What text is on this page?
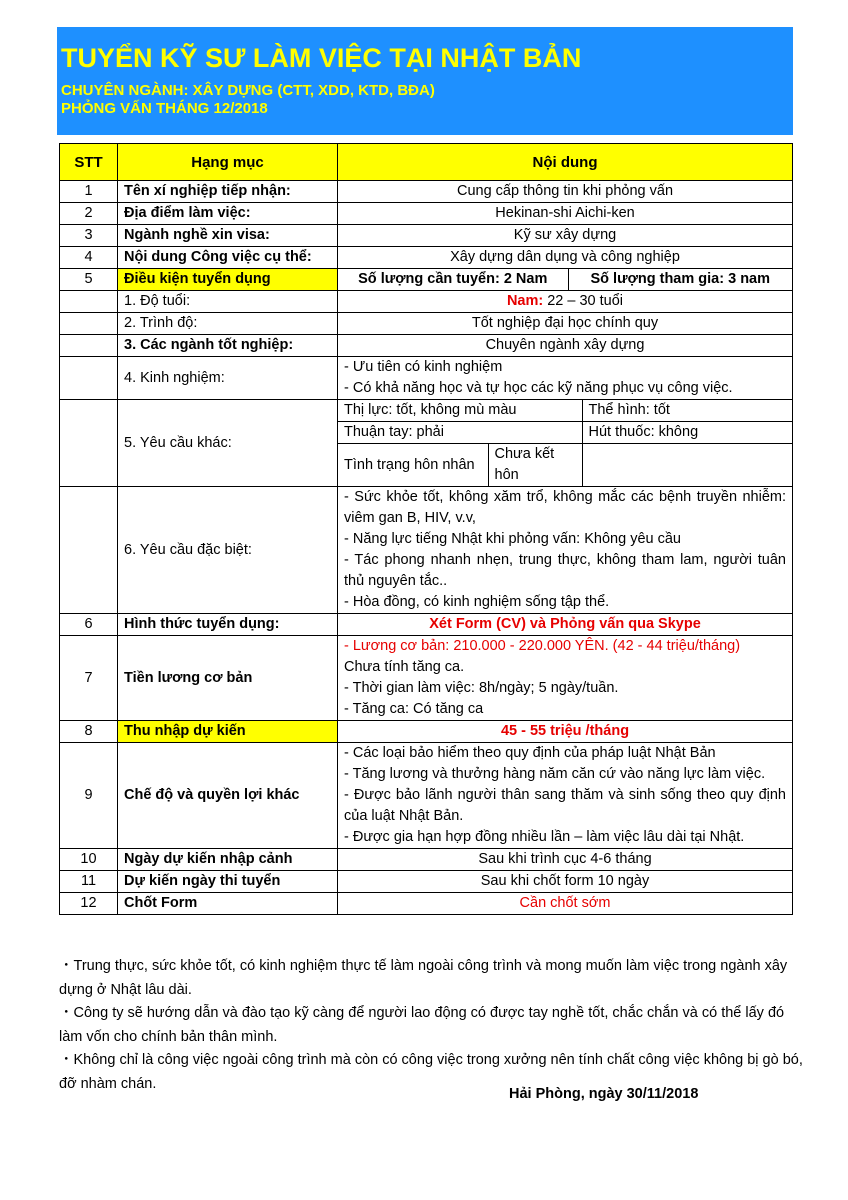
TUYỂN KỸ SƯ LÀM VIỆC TẠI NHẬT BẢN
CHUYÊN NGÀNH: XÂY DỰNG (CTT, XDD, KTD, BĐA)
PHỎNG VẤN THÁNG 12/2018
STT	Hạng mục	Nội dung
1	Tên xí nghiệp tiếp nhận:	Cung cấp thông tin khi phỏng vấn
2	Địa điểm làm việc:	Hekinan-shi Aichi-ken
3	Ngành nghề xin visa:	Kỹ sư xây dựng
4	Nội dung Công việc cụ thể:	Xây dựng dân dụng và công nghiệp
5	Điều kiện tuyển dụng		Số lượng cần tuyển: 2 Nam	Số lượng tham gia: 3 nam

	1. Độ tuổi:	Nam: 22 – 30 tuổi
	2. Trình độ:	Tốt nghiệp đại học chính quy
	3. Các ngành tốt nghiệp:	Chuyên ngành xây dựng
	4. Kinh nghiệm:	
- Ưu tiên có kinh nghiệm
- Có khả năng học và tự học các kỹ năng phục vụ công việc.

	5. Yêu cầu khác:	
Thị lực: tốt, không mù màu	Thể hình: tốt
Thuận tay: phải	Hút thuốc: không
Tình trạng hôn nhân	Chưa kết hôn	

	6. Yêu cầu đặc biệt:	
- Sức khỏe tốt, không xăm trổ, không mắc các bệnh truyền nhiễm: viêm gan B, HIV, v.v,
- Năng lực tiếng Nhật khi phỏng vấn: Không yêu cầu
- Tác phong nhanh nhẹn, trung thực, không tham lam, người tuân thủ nguyên tắc..
- Hòa đồng, có kinh nghiệm sống tập thể.

6	Hình thức tuyển dụng:	Xét Form (CV) và Phỏng vấn qua Skype
7	Tiền lương cơ bản	
- Lương cơ bản: 210.000 - 220.000 YÊN. (42 - 44 triệu/tháng)
Chưa tính tăng ca.
- Thời gian làm việc: 8h/ngày; 5 ngày/tuần.
- Tăng ca: Có tăng ca

8	Thu nhập dự kiến	45 - 55 triệu /tháng
9	Chế độ và quyền lợi khác	
- Các loại bảo hiểm theo quy định của pháp luật Nhật Bản
- Tăng lương và thưởng hàng năm căn cứ vào năng lực làm việc.
- Được bảo lãnh người thân sang thăm và sinh sống theo quy định của luật Nhật Bản.
- Được gia hạn hợp đồng nhiều lần – làm việc lâu dài tại Nhật.

10	Ngày dự kiến nhập cảnh	Sau khi trình cục 4-6 tháng
11	Dự kiến ngày thi tuyển	Sau khi chốt form 10 ngày
12	Chốt Form	Cần chốt sớm

・Trung thực, sức khỏe tốt, có kinh nghiệm thực tế làm ngoài công trình và mong muốn làm việc trong ngành xây dựng ở Nhật lâu dài.

・Công ty sẽ hướng dẫn và đào tạo kỹ càng để người lao động có được tay nghề tốt, chắc chắn và có thể lấy đó làm vốn cho chính bản thân mình.

・Không chỉ là công việc ngoài công trình mà còn có công việc trong xưởng nên tính chất công việc không bị gò bó, đỡ nhàm chán.

Hải Phòng, ngày 30/11/2018
